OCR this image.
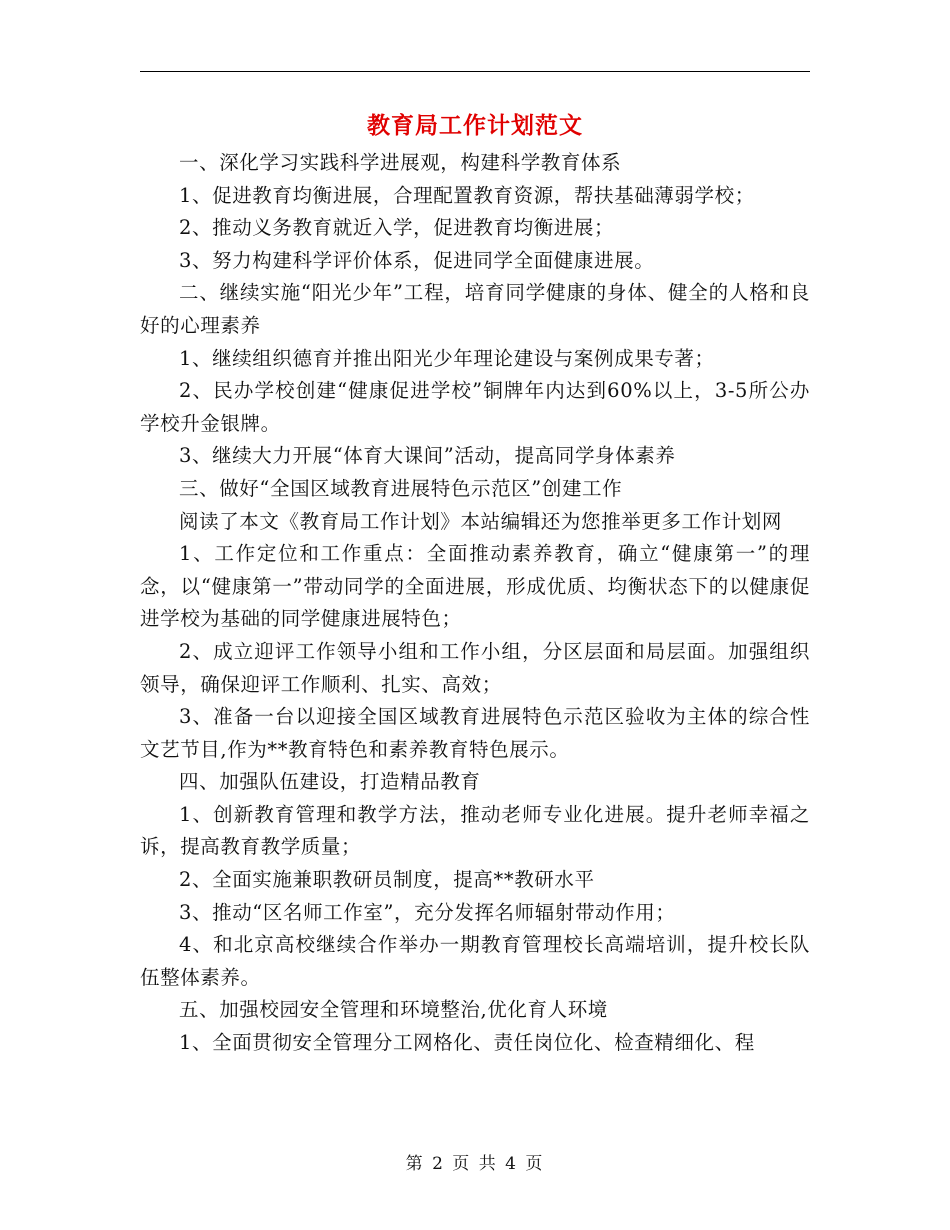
教育局工作计划范文

一、深化学习实践科学进展观，构建科学教育体系

1、促进教育均衡进展，合理配置教育资源，帮扶基础薄弱学校；

2、推动义务教育就近入学，促进教育均衡进展；

3、努力构建科学评价体系，促进同学全面健康进展。

二、继续实施“阳光少年”工程，培育同学健康的身体、健全的人格和良好的心理素养

1、继续组织德育并推出阳光少年理论建设与案例成果专著；

2、民办学校创建“健康促进学校”铜牌年内达到60%以上，3-5所公办学校升金银牌。

3、继续大力开展“体育大课间”活动，提高同学身体素养

三、做好“全国区域教育进展特色示范区”创建工作

阅读了本文《教育局工作计划》本站编辑还为您推举更多工作计划网

1、工作定位和工作重点：全面推动素养教育，确立“健康第一”的理念，以“健康第一”带动同学的全面进展，形成优质、均衡状态下的以健康促进学校为基础的同学健康进展特色；

2、成立迎评工作领导小组和工作小组，分区层面和局层面。加强组织领导，确保迎评工作顺利、扎实、高效；

3、准备一台以迎接全国区域教育进展特色示范区验收为主体的综合性文艺节目,作为**教育特色和素养教育特色展示。

四、加强队伍建设，打造精品教育

1、创新教育管理和教学方法，推动老师专业化进展。提升老师幸福之诉，提高教育教学质量；

2、全面实施兼职教研员制度，提高**教研水平

3、推动“区名师工作室”，充分发挥名师辐射带动作用；

4、和北京高校继续合作举办一期教育管理校长高端培训，提升校长队伍整体素养。

五、加强校园安全管理和环境整治,优化育人环境

1、全面贯彻安全管理分工网格化、责任岗位化、检查精细化、程

第 2 页 共 4 页
